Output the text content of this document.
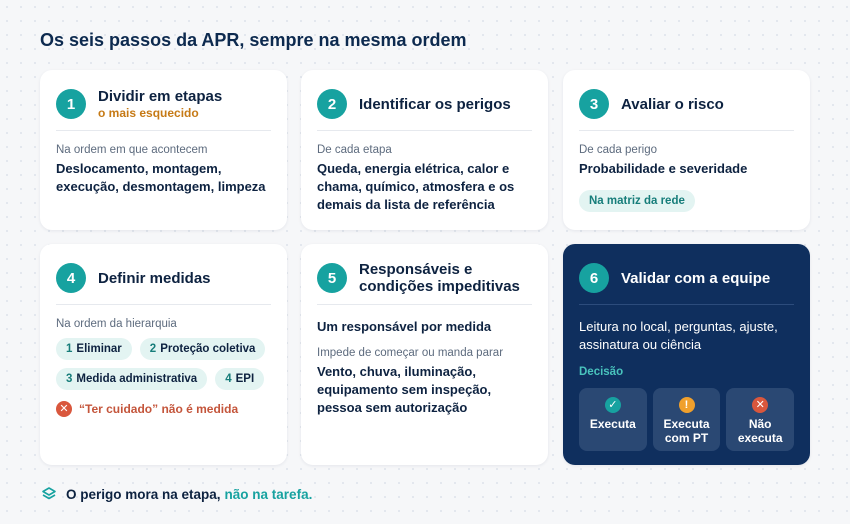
Os seis passos da APR, sempre na mesma ordem
1	Dividir em etapas
o mais esquecido
Na ordem em que acontecem
Deslocamento, montagem, execução, desmontagem, limpeza
2	Identificar os perigos
De cada etapa
Queda, energia elétrica, calor e chama, químico, atmosfera e os demais da lista de referência
3	Avaliar o risco
De cada perigo
Probabilidade e severidade
Na matriz da rede
4	Definir medidas
Na ordem da hierarquia
1 Eliminar	2 Proteção coletiva
3 Medida administrativa	4 EPI
✕ “Ter cuidado” não é medida
5	Responsáveis e condições impeditivas
Um responsável por medida
Impede de começar ou manda parar
Vento, chuva, iluminação, equipamento sem inspeção, pessoa sem autorização
6	Validar com a equipe
Leitura no local, perguntas, ajuste, assinatura ou ciência
Decisão
✓
Executa
!
Executa com PT
✕
Não executa
O perigo mora na etapa, não na tarefa.
